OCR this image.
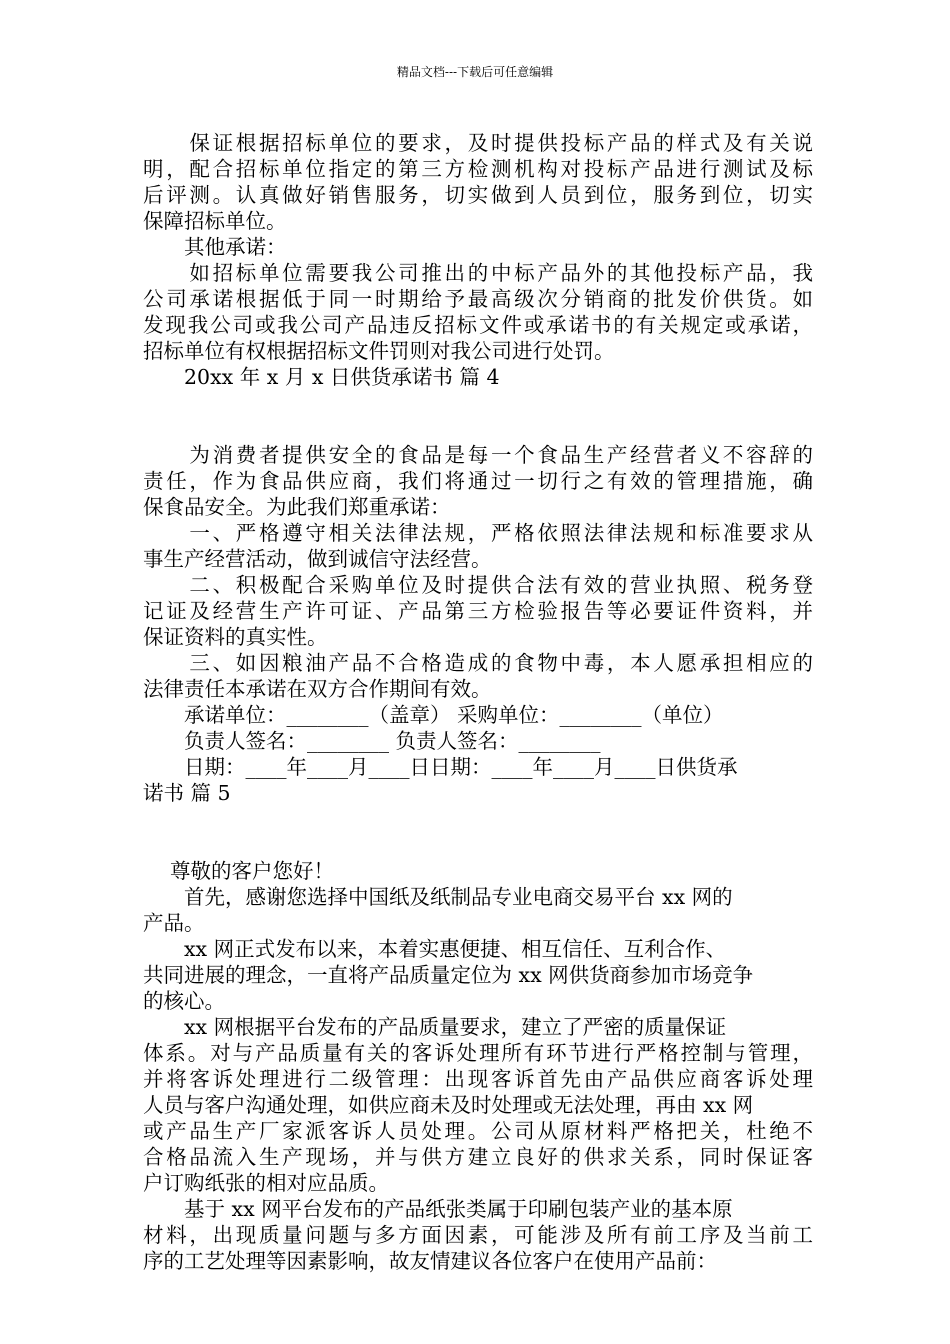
精品文档---下载后可任意编辑
　　保证根据招标单位的要求，及时提供投标产品的样式及有关说
明，配合招标单位指定的第三方检测机构对投标产品进行测试及标
后评测。认真做好销售服务，切实做到人员到位，服务到位，切实
保障招标单位。
　　其他承诺：
　　如招标单位需要我公司推出的中标产品外的其他投标产品，我
公司承诺根据低于同一时期给予最高级次分销商的批发价供货。如
发现我公司或我公司产品违反招标文件或承诺书的有关规定或承诺，
招标单位有权根据招标文件罚则对我公司进行处罚。
　　20xx 年 x 月 x 日供货承诺书 篇 4
　　为消费者提供安全的食品是每一个食品生产经营者义不容辞的
责任，作为食品供应商，我们将通过一切行之有效的管理措施，确
保食品安全。为此我们郑重承诺：
　　一、严格遵守相关法律法规，严格依照法律法规和标准要求从
事生产经营活动，做到诚信守法经营。
　　二、积极配合采购单位及时提供合法有效的营业执照、税务登
记证及经营生产许可证、产品第三方检验报告等必要证件资料，并
保证资料的真实性。
　　三、如因粮油产品不合格造成的食物中毒，本人愿承担相应的
法律责任本承诺在双方合作期间有效。
　　承诺单位：________（盖章） 采购单位：________（单位）
　　负责人签名：________ 负责人签名：________
　　日期：____年____月____日日期：____年____月____日供货承
诺书 篇 5
　 尊敬的客户您好！
　　首先，感谢您选择中国纸及纸制品专业电商交易平台 xx 网的
产品。
　　xx 网正式发布以来，本着实惠便捷、相互信任、互利合作、
共同进展的理念，一直将产品质量定位为 xx 网供货商参加市场竞争
的核心。
　　xx 网根据平台发布的产品质量要求，建立了严密的质量保证
体系。对与产品质量有关的客诉处理所有环节进行严格控制与管理，
并将客诉处理进行二级管理：出现客诉首先由产品供应商客诉处理
人员与客户沟通处理，如供应商未及时处理或无法处理，再由 xx 网
或产品生产厂家派客诉人员处理。公司从原材料严格把关，杜绝不
合格品流入生产现场，并与供方建立良好的供求关系，同时保证客
户订购纸张的相对应品质。
　　基于 xx 网平台发布的产品纸张类属于印刷包装产业的基本原
材料，出现质量问题与多方面因素，可能涉及所有前工序及当前工
序的工艺处理等因素影响，故友情建议各位客户在使用产品前：
